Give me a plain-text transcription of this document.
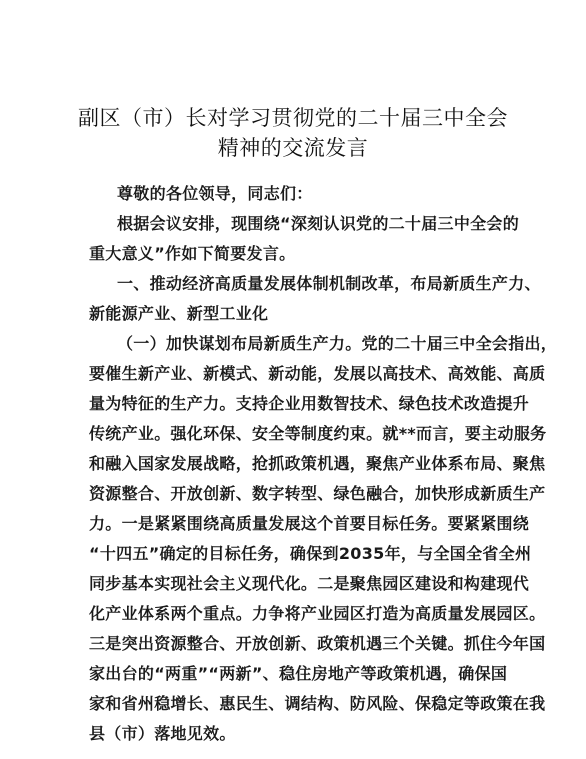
副区（市）长对学习贯彻党的二十届三中全会
精神的交流发言
尊敬的各位领导，同志们：
根据会议安排，现围绕“深刻认识党的二十届三中全会的
重大意义”作如下简要发言。
一、推动经济高质量发展体制机制改革，布局新质生产力、
新能源产业、新型工业化
（一）加快谋划布局新质生产力。党的二十届三中全会指出，
要催生新产业、新模式、新动能，发展以高技术、高效能、高质
量为特征的生产力。支持企业用数智技术、绿色技术改造提升
传统产业。强化环保、安全等制度约束。就**而言，要主动服务
和融入国家发展战略，抢抓政策机遇，聚焦产业体系布局、聚焦
资源整合、开放创新、数字转型、绿色融合，加快形成新质生产
力。一是紧紧围绕高质量发展这个首要目标任务。要紧紧围绕
“十四五”确定的目标任务，确保到2035年，与全国全省全州
同步基本实现社会主义现代化。二是聚焦园区建设和构建现代
化产业体系两个重点。力争将产业园区打造为高质量发展园区。
三是突出资源整合、开放创新、政策机遇三个关键。抓住今年国
家出台的“两重”“两新”、稳住房地产等政策机遇，确保国
家和省州稳增长、惠民生、调结构、防风险、保稳定等政策在我
县（市）落地见效。
